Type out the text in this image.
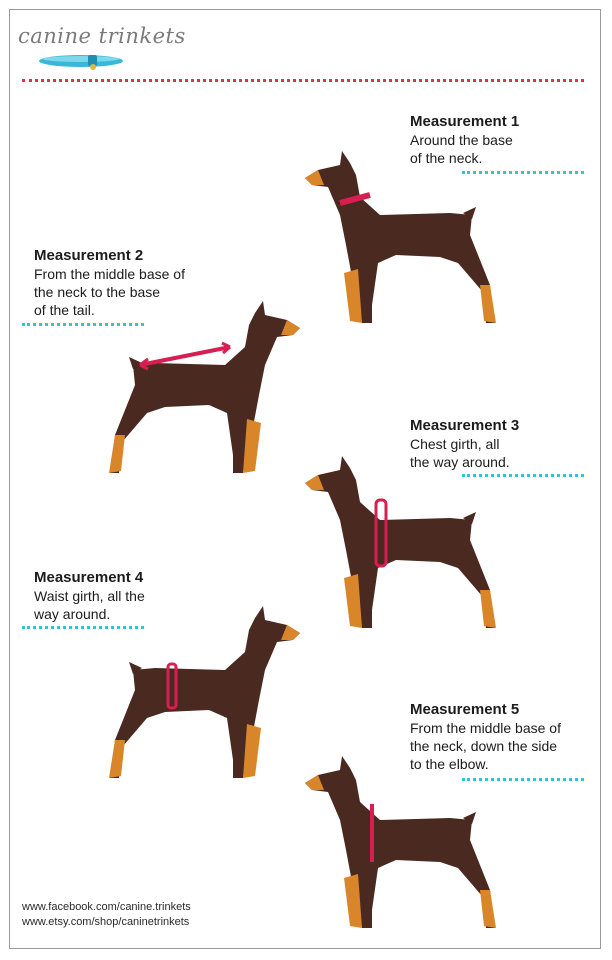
canine trinkets
Measurement 1
Around the base
of the neck.
Measurement 2
From the middle base of
the neck to the base
of the tail.
Measurement 3
Chest girth, all
the way around.
Measurement 4
Waist girth, all the
way around.
Measurement 5
From the middle base of
the neck, down the side
to the elbow.
www.facebook.com/canine.trinkets
www.etsy.com/shop/caninetrinkets
